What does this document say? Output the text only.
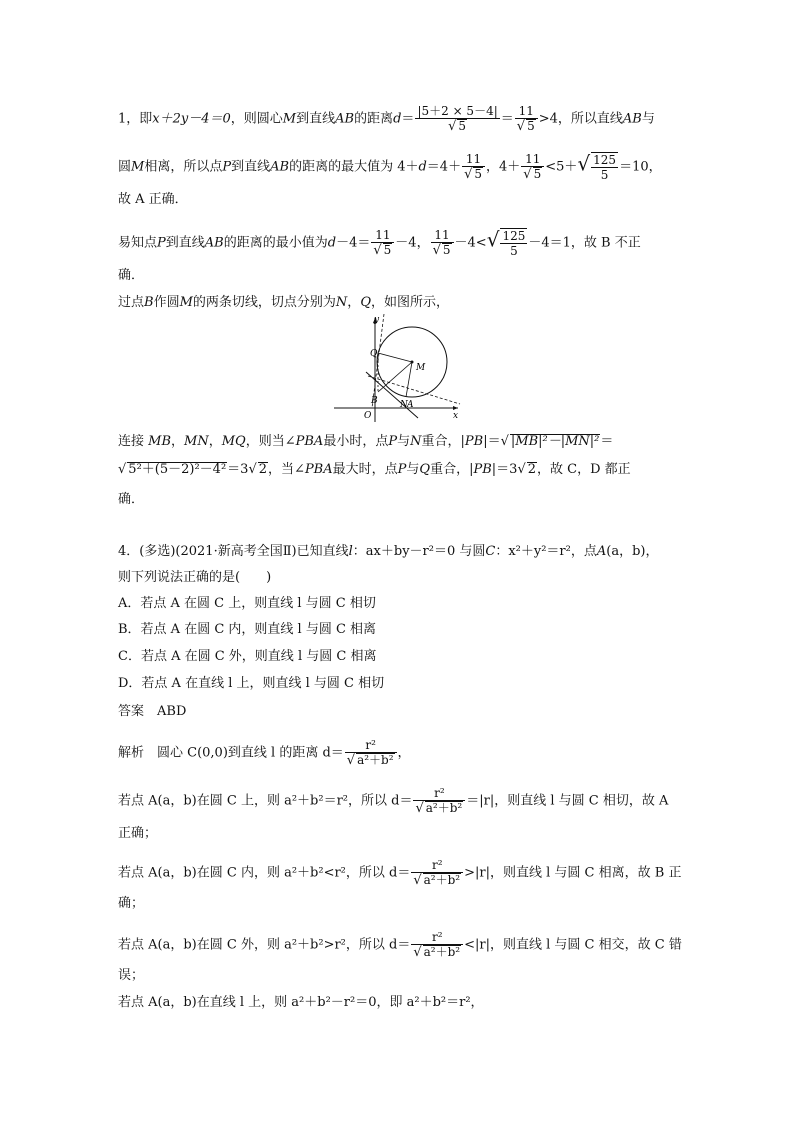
1，即x＋2y－4＝0，则圆心M到直线AB的距离$d= \frac{|5+2 \times 5-4|}{√ 5} = \frac{11}{√ 5} >4$，所以直线AB与
圆M相离，所以点P到直线AB的距离的最大值为 $4+d=4+ \frac{11}{√ 5}$ ，$4+ \frac{11}{√ 5} <5+√ \frac{125}{5} =10$，
故 A 正确．
易知点P到直线AB的距离的最小值为$d-4= \frac{11}{√ 5} -4$， $\frac{11}{√ 5} -4<√ \frac{125}{5} -4=1$，故 B 不正
确．
过点B作圆M的两条切线，切点分别为N，Q，如图所示，
y
x
O
Q
M
B N A
连接 MB，MN，MQ，则当∠PBA最小时，点P与N重合，|PB|＝√ |MB|²－|MN|²＝
√ 5²＋(5－2)²－4²＝3√ 2，当∠PBA最大时，点P与Q重合，|PB|＝3√ 2，故 C，D 都正
确．
4．(多选)(2021·新高考全国Ⅱ)已知直线l：ax＋by－r²＝0 与圆C：x²＋y²＝r²，点A(a，b)，
则下列说法正确的是(　　)
A．若点 A 在圆 C 上，则直线 l 与圆 C 相切
B．若点 A 在圆 C 内，则直线 l 与圆 C 相离
C．若点 A 在圆 C 外，则直线 l 与圆 C 相离
D．若点 A 在直线 l 上，则直线 l 与圆 C 相切
答案　ABD
解析　圆心 C(0,0)到直线 l 的距离 $d= \frac{\text{r²}}{\text{√ a²＋b²}}$ ，
若点 A(a，b)在圆 C 上，则 a²＋b²＝r²，所以 $d= \frac{\text{r²}}{\text{√ a²＋b²}} =|r|$，则直线 l 与圆 C 相切，故 A
正确；
若点 A(a，b)在圆 C 内，则 a²＋b²<r²，所以 $d= \frac{\text{r²}}{\text{√ a²＋b²}} >|r|$，则直线 l 与圆 C 相离，故 B 正
确；
若点 A(a，b)在圆 C 外，则 a²＋b²>r²，所以 $d= \frac{\text{r²}}{\text{√ a²＋b²}} <|r|$，则直线 l 与圆 C 相交，故 C 错
误；
若点 A(a，b)在直线 l 上，则 a²＋b²－r²＝0，即 a²＋b²＝r²，
